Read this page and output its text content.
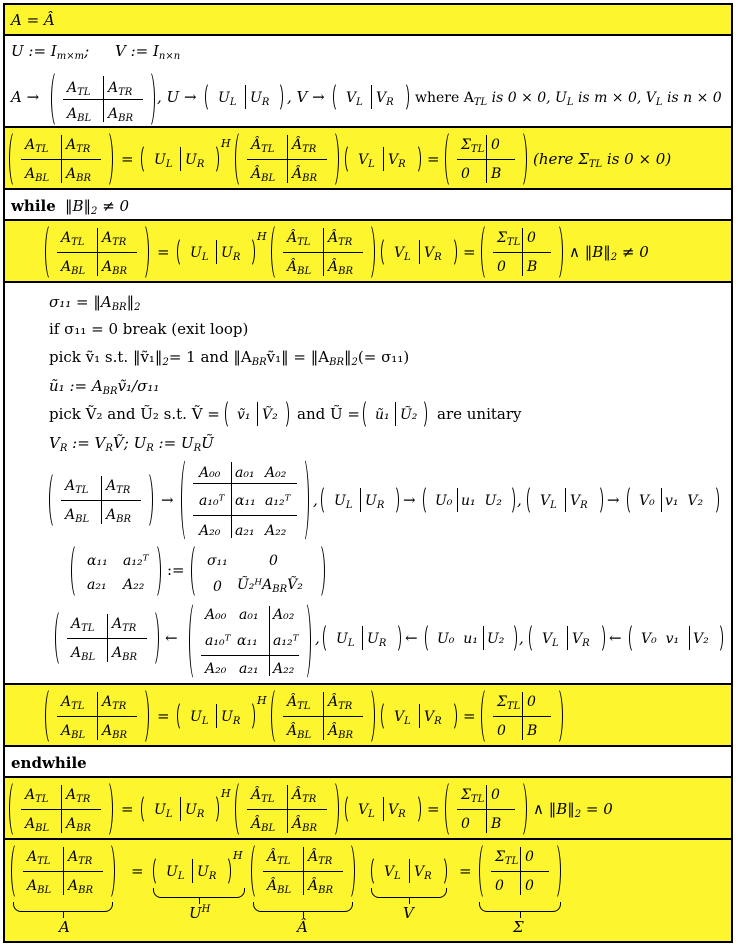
A = Â
U := $I_{m\times m}$; V := $I_{n\times n}$
$A \to A_{TL}$ $A_{TR}$
$A_{BL}$ $A_{BR}$
, $U \to U_L$ $U_R$ , $V \to V_L$ $V_R$ where $A_{TL}$ is 0 × 0, $U_L$ is m × 0, $V_L$ is n × 0
$A_{TL}$ $A_{TR}$
$A_{BL}$ $A_{BR}$
= $U_L$ $U_R$
H $Â_{TL}$ $Â_{TR}$
$Â_{BL}$ $Â_{BR}$
$V_L$ $V_R$ =
$\Sigma_{TL}$ 0
0 B
(here $\Sigma_{TL}$ is 0 × 0)
while $‖B‖_2 \ne 0$
$A_{TL}$ $A_{TR}$
$A_{BL}$ $A_{BR}$
= $U_L$ $U_R$
H $Â_{TL}$ $Â_{TR}$
$Â_{BL}$ $Â_{BR}$
$V_L$ $V_R$ =
$\Sigma_{TL}$ 0
0 B
∧ $‖B‖_2 \ne 0$
$\sigma_{11} = ‖A_{BR}‖_2$
if σ₁₁ = 0 break (exit loop)
pick ṽ₁ s.t. $‖ṽ_1‖_2= 1$ and $‖A_{BR}ṽ_1‖$ = $‖A_{BR}‖_2(= \sigma_{11})$
ũ₁ := $A_{BR}ṽ_1$/σ₁₁
pick Ṽ₂ and Ũ₂ s.t. Ṽ = ṽ₁ Ṽ₂ and Ũ = ũ₁ Ũ₂ are unitary
$V_R$ := $V_RṼ$; $U_R$ := $U_RŨ$
$A_{TL}$ $A_{TR}$
$A_{BL}$ $A_{BR}$
→
A₀₀ a₀₁ A₀₂
a₁₀ᵀ α₁₁ a₁₂ᵀ
A₂₀ a₂₁ A₂₂
, $U_L$ $U_R \to U_0$ u₁  U₂ , $V_L$ $V_R \to V_0$ v₁  V₂
α₁₁ a₁₂ᵀ
a₂₁ A₂₂
:= σ₁₁	0
0 Ũ₂ᴴA$_{BR}$Ṽ₂
$A_{TL}$ $A_{TR}$
$A_{BL}$ $A_{BR}$
←
A₀₀ a₀₁ A₀₂
a₁₀ᵀ α₁₁ a₁₂ᵀ
A₂₀ a₂₁ A₂₂
, $U_L$ $U_R$ ← U₀  u₁ U₂ , $V_L$ $V_R$ ← V₀  v₁ V₂
$A_{TL}$ $A_{TR}$
$A_{BL}$ $A_{BR}$
= $U_L$ $U_R$
H $Â_{TL}$ $Â_{TR}$
$Â_{BL}$ $Â_{BR}$
$V_L$ $V_R$ =
$\Sigma_{TL}$ 0
0 B
endwhile
$A_{TL}$ $A_{TR}$
$A_{BL}$ $A_{BR}$
= $U_L$ $U_R$
H $Â_{TL}$ $Â_{TR}$
$Â_{BL}$ $Â_{BR}$
$V_L$ $V_R$ =
$\Sigma_{TL}$ 0
0 B
∧ $‖B‖_2 = 0$
$A_{TL}$ $A_{TR}$
$A_{BL}$ $A_{BR}$
A
= $U_L$ $U_R$
H
$U^H$
$Â_{TL}$ $Â_{TR}$
$Â_{BL}$ $Â_{BR}$
Â
$V_L$ $V_R$
V
=
$\Sigma_{TL}$ 0
0 0
Σ
